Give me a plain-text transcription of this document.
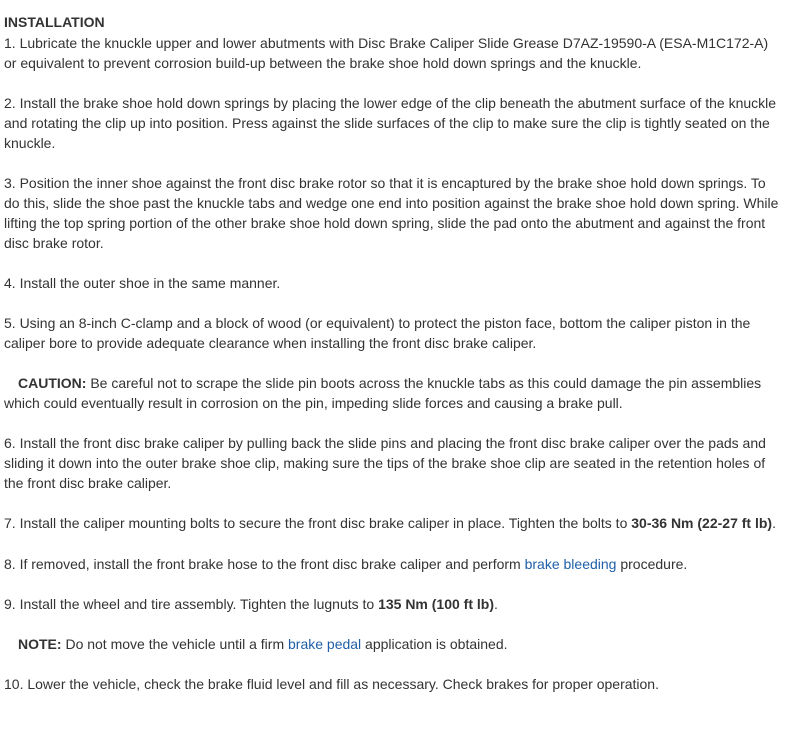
INSTALLATION
1. Lubricate the knuckle upper and lower abutments with Disc Brake Caliper Slide Grease D7AZ-19590-A (ESA-M1C172-A) or equivalent to prevent corrosion build-up between the brake shoe hold down springs and the knuckle.
2. Install the brake shoe hold down springs by placing the lower edge of the clip beneath the abutment surface of the knuckle and rotating the clip up into position. Press against the slide surfaces of the clip to make sure the clip is tightly seated on the knuckle.
3. Position the inner shoe against the front disc brake rotor so that it is encaptured by the brake shoe hold down springs. To do this, slide the shoe past the knuckle tabs and wedge one end into position against the brake shoe hold down spring. While lifting the top spring portion of the other brake shoe hold down spring, slide the pad onto the abutment and against the front disc brake rotor.
4. Install the outer shoe in the same manner.
5. Using an 8-inch C-clamp and a block of wood (or equivalent) to protect the piston face, bottom the caliper piston in the caliper bore to provide adequate clearance when installing the front disc brake caliper.
CAUTION: Be careful not to scrape the slide pin boots across the knuckle tabs as this could damage the pin assemblies which could eventually result in corrosion on the pin, impeding slide forces and causing a brake pull.
6. Install the front disc brake caliper by pulling back the slide pins and placing the front disc brake caliper over the pads and sliding it down into the outer brake shoe clip, making sure the tips of the brake shoe clip are seated in the retention holes of the front disc brake caliper.
7. Install the caliper mounting bolts to secure the front disc brake caliper in place. Tighten the bolts to 30-36 Nm (22-27 ft lb).
8. If removed, install the front brake hose to the front disc brake caliper and perform brake bleeding procedure.
9. Install the wheel and tire assembly. Tighten the lugnuts to 135 Nm (100 ft lb).
NOTE: Do not move the vehicle until a firm brake pedal application is obtained.
10. Lower the vehicle, check the brake fluid level and fill as necessary. Check brakes for proper operation.
